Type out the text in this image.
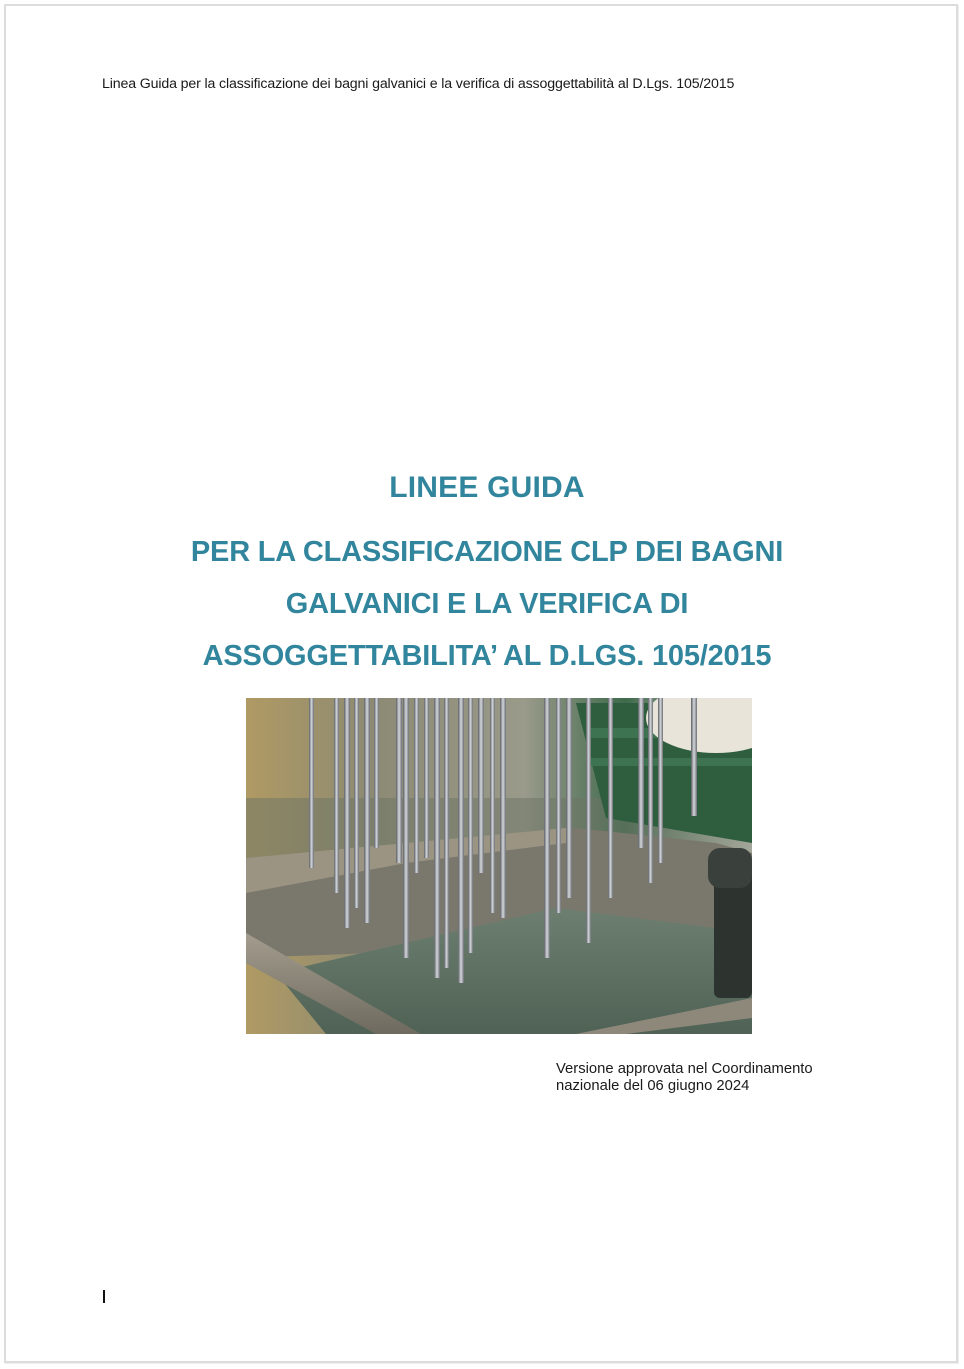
Linea Guida per la classificazione dei bagni galvanici e la verifica di assoggettabilità al D.Lgs. 105/2015
LINEE GUIDA
PER LA CLASSIFICAZIONE CLP DEI BAGNI
GALVANICI E LA VERIFICA DI
ASSOGGETTABILITA’ AL D.LGS. 105/2015
Versione approvata nel Coordinamento
nazionale del 06 giugno 2024
